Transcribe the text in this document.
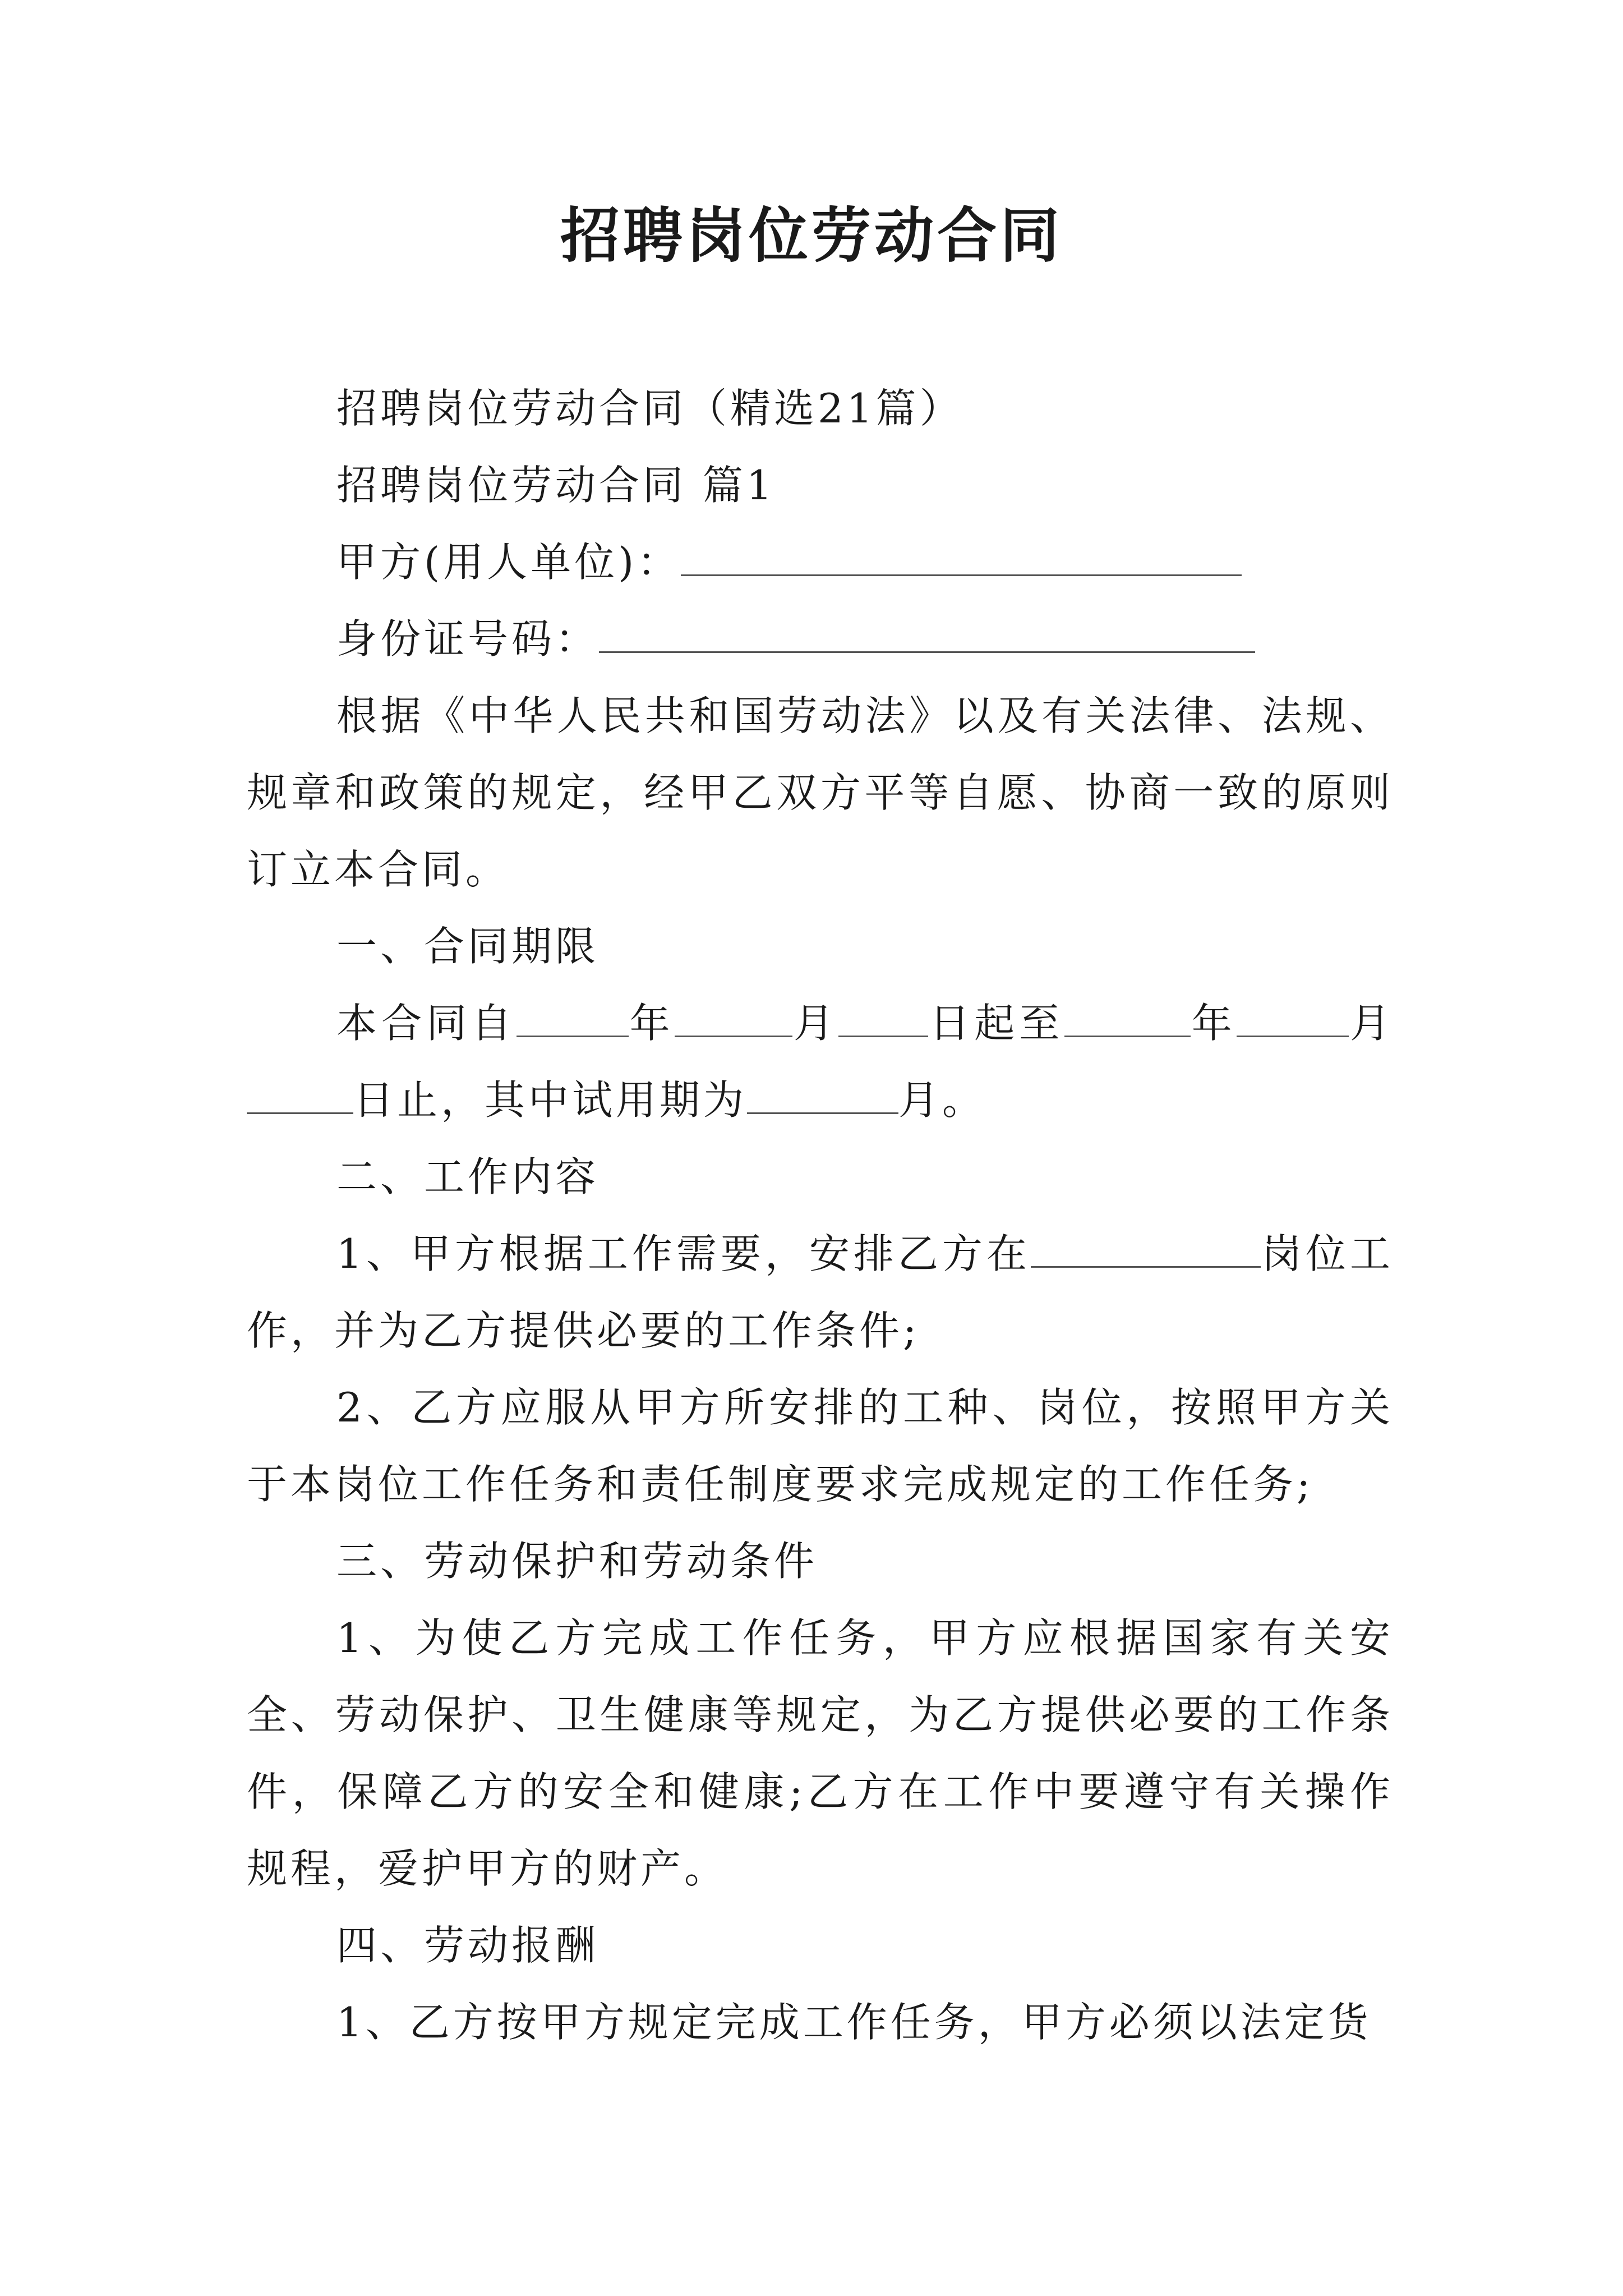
招聘岗位劳动合同

招聘岗位劳动合同（精选21篇）

招聘岗位劳动合同 篇1

甲方(用人单位)：

身份证号码：

根据《中华人民共和国劳动法》以及有关法律、法规、规章和政策的规定，经甲乙双方平等自愿、协商一致的原则订立本合同。

一、合同期限

本合同自	年	月 日起至	年	月日止，其中试用期为	月。

二、工作内容

1、甲方根据工作需要，安排乙方在	岗位工作，并为乙方提供必要的工作条件;

2、乙方应服从甲方所安排的工种、岗位，按照甲方关于本岗位工作任务和责任制度要求完成规定的工作任务;

三、劳动保护和劳动条件

1、为使乙方完成工作任务，甲方应根据国家有关安全、劳动保护、卫生健康等规定，为乙方提供必要的工作条件，保障乙方的安全和健康;乙方在工作中要遵守有关操作规程，爱护甲方的财产。

四、劳动报酬

1、乙方按甲方规定完成工作任务，甲方必须以法定货
